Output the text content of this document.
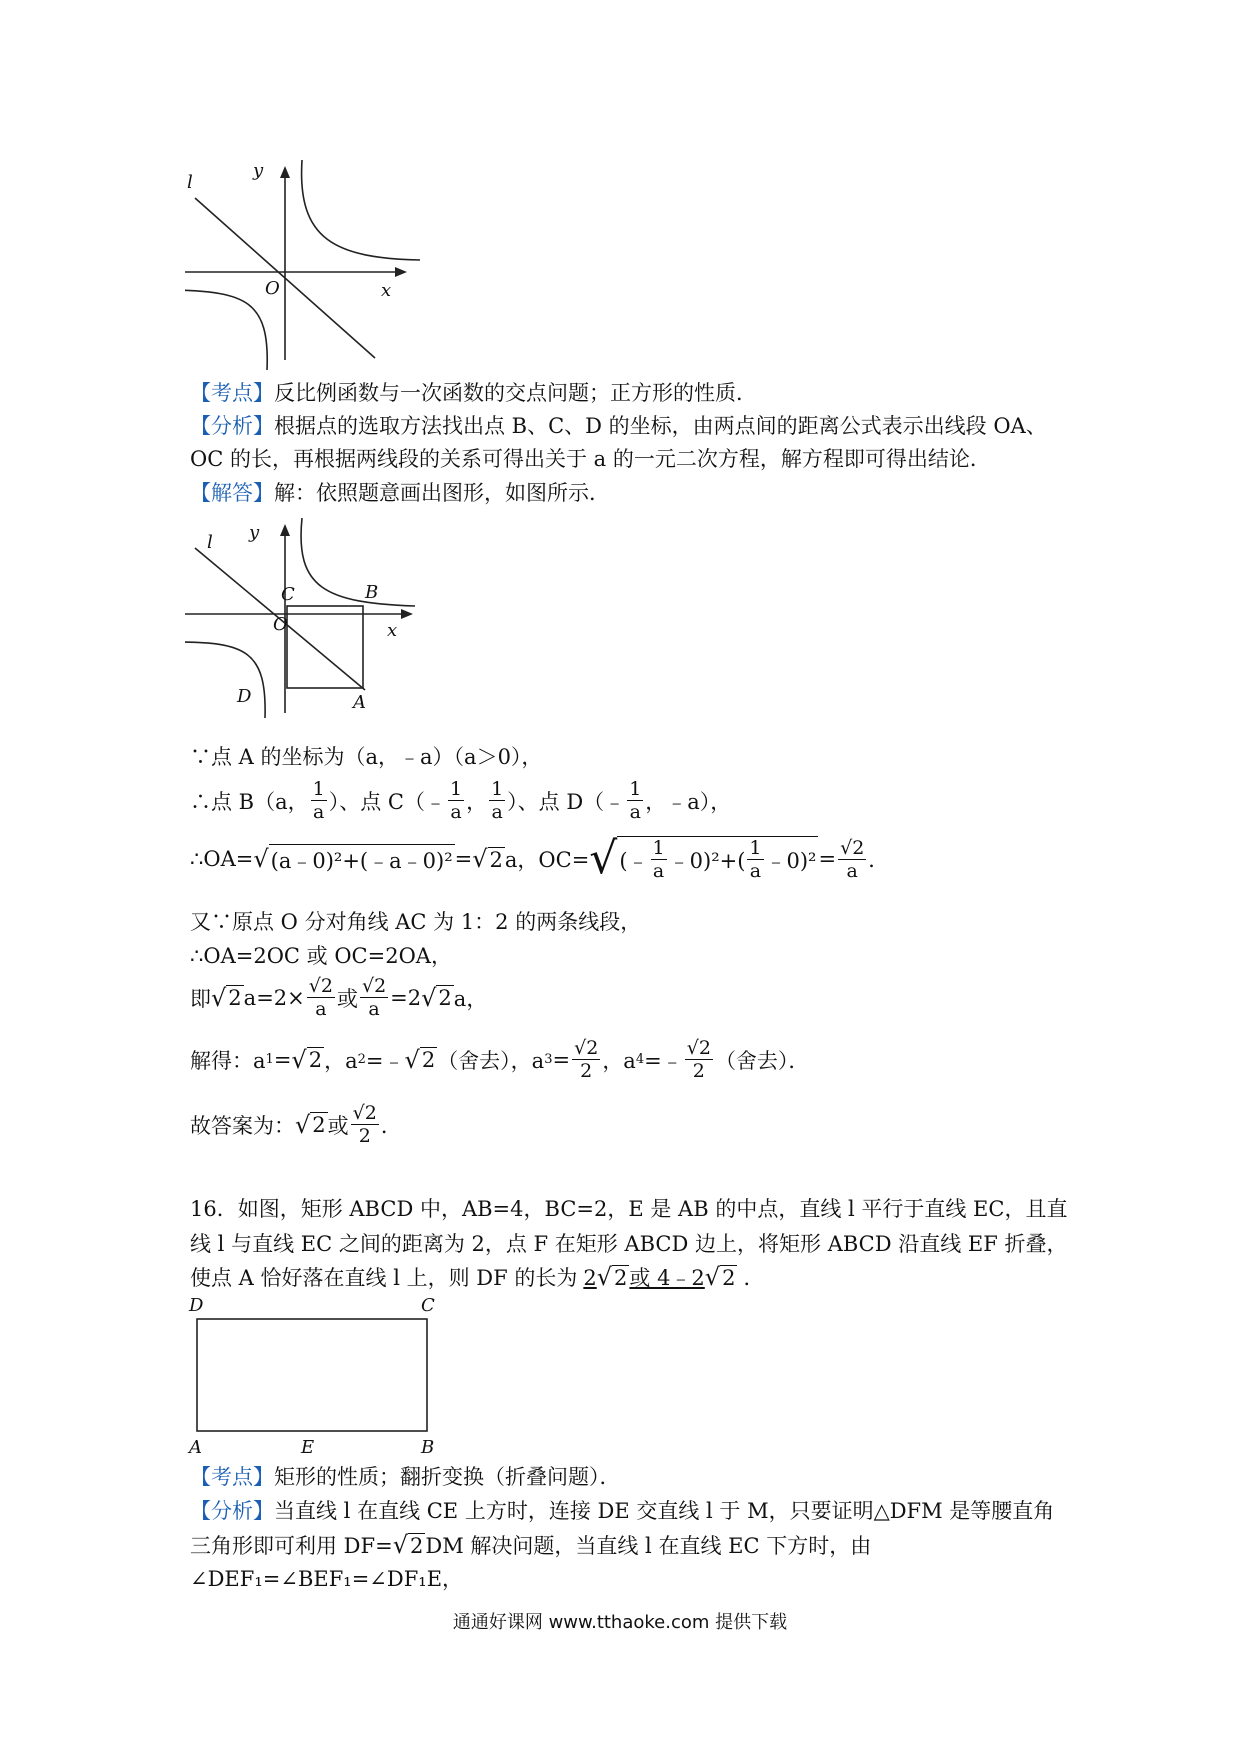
l
y
O	x
【考点】反比例函数与一次函数的交点问题；正方形的性质．
【分析】根据点的选取方法找出点 B、C、D 的坐标，由两点间的距离公式表示出线段 OA、
OC 的长，再根据两线段的关系可得出关于 a 的一元二次方程，解方程即可得出结论．
【解答】解：依照题意画出图形，如图所示．
l y
C	B
O	x
D	A
∵点 A 的坐标为（a，﹣a）（a＞0），
∴点 B（a， $\frac{1}{a}$ ）、点 C（﹣ $\frac{1}{a}$ ， $\frac{1}{a}$ ）、点 D（﹣ $\frac{1}{a}$ ，﹣a），
∴OA= √ (a﹣0)²+(﹣a﹣0)² = √ 2 a，OC= √ (﹣ $\frac{1}{a}$ ﹣0)²+( $\frac{1}{a}$ ﹣0)² = $\frac{√2}{a}$ ．
又∵原点 O 分对角线 AC 为 1：2 的两条线段，
∴OA=2OC 或 OC=2OA，
即 √ 2 $a=2\times \frac{√2}{a}$ 或 $\frac{√2}{a} =2$ √ 2 a，
解得：a 1 = √ 2 ，a 2 =﹣ √ 2 （舍去），a $3 = \frac{√2}{2}$ ，a 4 =﹣ $\frac{√2}{2}$ （舍去）．
故答案为： √ 2 或 $\frac{√2}{2}$ ．
16．如图，矩形 ABCD 中，AB=4，BC=2，E 是 AB 的中点，直线 l 平行于直线 EC，且直
线 l 与直线 EC 之间的距离为 2，点 F 在矩形 ABCD 边上，将矩形 ABCD 沿直线 EF 折叠，
使点 A 恰好落在直线 l 上，则 DF 的长为 2 √ 2 或 4﹣2 √ 2 ．
D	C
A	E	B
【考点】矩形的性质；翻折变换（折叠问题）．
【分析】当直线 l 在直线 CE 上方时，连接 DE 交直线 l 于 M，只要证明△DFM 是等腰直角
三角形即可利用 DF= √ 2 DM 解决问题，当直线 l 在直线 EC 下方时，由
∠DEF₁=∠BEF₁=∠DF₁E，
通通好课网 www.tthaoke.com 提供下载
